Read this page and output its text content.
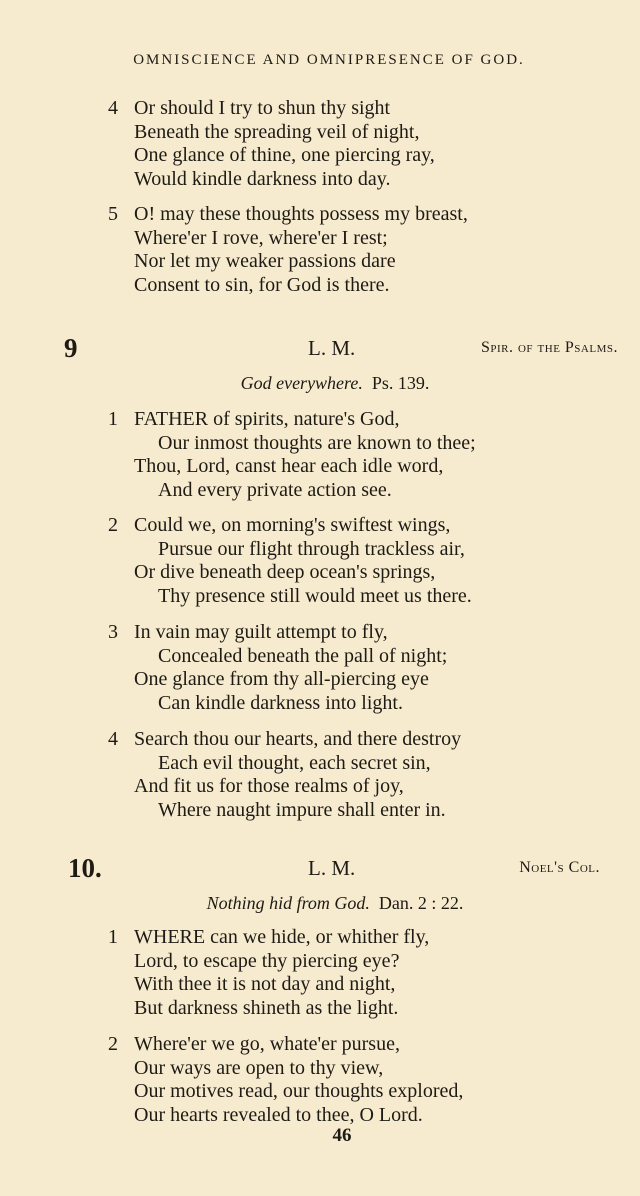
OMNISCIENCE AND OMNIPRESENCE OF GOD.
4 Or should I try to shun thy sight
Beneath the spreading veil of night,
One glance of thine, one piercing ray,
Would kindle darkness into day.
5 O! may these thoughts possess my breast,
Where'er I rove, where'er I rest;
Nor let my weaker passions dare
Consent to sin, for God is there.
9	L. M.	Spir. of the Psalms.
God everywhere. Ps. 139.
1 FATHER of spirits, nature's God,
Our inmost thoughts are known to thee;
Thou, Lord, canst hear each idle word,
And every private action see.
2 Could we, on morning's swiftest wings,
Pursue our flight through trackless air,
Or dive beneath deep ocean's springs,
Thy presence still would meet us there.
3 In vain may guilt attempt to fly,
Concealed beneath the pall of night;
One glance from thy all-piercing eye
Can kindle darkness into light.
4 Search thou our hearts, and there destroy
Each evil thought, each secret sin,
And fit us for those realms of joy,
Where naught impure shall enter in.
10.	L. M.	Noel's Col.
Nothing hid from God. Dan. 2 : 22.
1 WHERE can we hide, or whither fly,
Lord, to escape thy piercing eye?
With thee it is not day and night,
But darkness shineth as the light.
2 Where'er we go, whate'er pursue,
Our ways are open to thy view,
Our motives read, our thoughts explored,
Our hearts revealed to thee, O Lord.
46
